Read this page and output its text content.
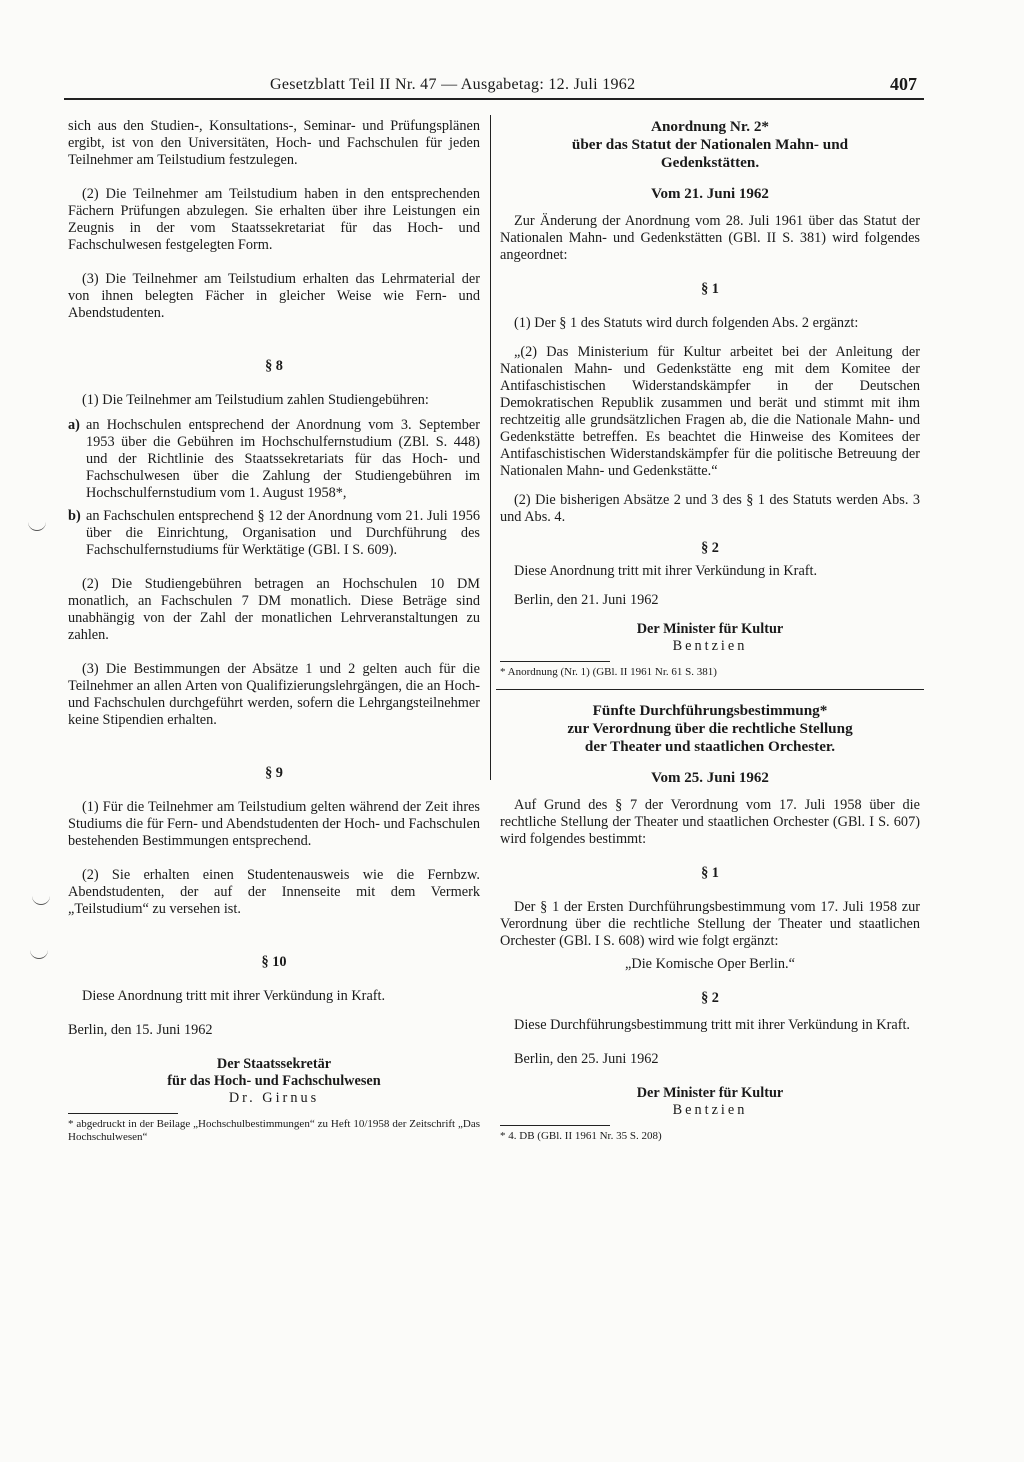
Gesetzblatt Teil II Nr. 47 — Ausgabetag: 12. Juli 1962	407

sich aus den Studien-, Konsultations-, Seminar- und Prüfungsplänen ergibt, ist von den Universitäten, Hoch- und Fachschulen für jeden Teilnehmer am Teilstudium festzulegen.

(2) Die Teilnehmer am Teilstudium haben in den entsprechenden Fächern Prüfungen abzulegen. Sie erhalten über ihre Leistungen ein Zeugnis in der vom Staatssekretariat für das Hoch- und Fachschulwesen festgelegten Form.

(3) Die Teilnehmer am Teilstudium erhalten das Lehrmaterial der von ihnen belegten Fächer in gleicher Weise wie Fern- und Abendstudenten.

§ 8

(1) Die Teilnehmer am Teilstudium zahlen Studiengebühren:

a) an Hochschulen entsprechend der Anordnung vom 3. September 1953 über die Gebühren im Hochschulfernstudium (ZBl. S. 448) und der Richtlinie des Staatssekretariats für das Hoch- und Fachschulwesen über die Zahlung der Studiengebühren im Hochschulfernstudium vom 1. August 1958*,
b) an Fachschulen entsprechend § 12 der Anordnung vom 21. Juli 1956 über die Einrichtung, Organisation und Durchführung des Fachschulfernstudiums für Werktätige (GBl. I S. 609).

(2) Die Studiengebühren betragen an Hochschulen 10 DM monatlich, an Fachschulen 7 DM monatlich. Diese Beträge sind unabhängig von der Zahl der monatlichen Lehrveranstaltungen zu zahlen.

(3) Die Bestimmungen der Absätze 1 und 2 gelten auch für die Teilnehmer an allen Arten von Qualifizierungslehrgängen, die an Hoch- und Fachschulen durchgeführt werden, sofern die Lehrgangsteilnehmer keine Stipendien erhalten.

§ 9

(1) Für die Teilnehmer am Teilstudium gelten während der Zeit ihres Studiums die für Fern- und Abendstudenten der Hoch- und Fachschulen bestehenden Bestimmungen entsprechend.

(2) Sie erhalten einen Studentenausweis wie die Fernbzw. Abendstudenten, der auf der Innenseite mit dem Vermerk „Teilstudium“ zu versehen ist.

§ 10

Diese Anordnung tritt mit ihrer Verkündung in Kraft.

Berlin, den 15. Juni 1962

Der Staatssekretär
für das Hoch- und Fachschulwesen
Dr. Girnus

* abgedruckt in der Beilage „Hochschulbestimmungen“ zu Heft 10/1958 der Zeitschrift „Das Hochschulwesen“

Anordnung Nr. 2*
über das Statut der Nationalen Mahn- und
Gedenkstätten.
Vom 21. Juni 1962

Zur Änderung der Anordnung vom 28. Juli 1961 über das Statut der Nationalen Mahn- und Gedenkstätten (GBl. II S. 381) wird folgendes angeordnet:

§ 1

(1) Der § 1 des Statuts wird durch folgenden Abs. 2 ergänzt:

„(2) Das Ministerium für Kultur arbeitet bei der Anleitung der Nationalen Mahn- und Gedenkstätte eng mit dem Komitee der Antifaschistischen Widerstandskämpfer in der Deutschen Demokratischen Republik zusammen und berät und stimmt mit ihm rechtzeitig alle grundsätzlichen Fragen ab, die die Nationale Mahn- und Gedenkstätte betreffen. Es beachtet die Hinweise des Komitees der Antifaschistischen Widerstandskämpfer für die politische Betreuung der Nationalen Mahn- und Gedenkstätte.“

(2) Die bisherigen Absätze 2 und 3 des § 1 des Statuts werden Abs. 3 und Abs. 4.

§ 2

Diese Anordnung tritt mit ihrer Verkündung in Kraft.

Berlin, den 21. Juni 1962

Der Minister für Kultur
Bentzien

* Anordnung (Nr. 1) (GBl. II 1961 Nr. 61 S. 381)

Fünfte Durchführungsbestimmung*
zur Verordnung über die rechtliche Stellung
der Theater und staatlichen Orchester.
Vom 25. Juni 1962

Auf Grund des § 7 der Verordnung vom 17. Juli 1958 über die rechtliche Stellung der Theater und staatlichen Orchester (GBl. I S. 607) wird folgendes bestimmt:

§ 1

Der § 1 der Ersten Durchführungsbestimmung vom 17. Juli 1958 zur Verordnung über die rechtliche Stellung der Theater und staatlichen Orchester (GBl. I S. 608) wird wie folgt ergänzt:

„Die Komische Oper Berlin.“
§ 2

Diese Durchführungsbestimmung tritt mit ihrer Verkündung in Kraft.

Berlin, den 25. Juni 1962

Der Minister für Kultur
Bentzien

* 4. DB (GBl. II 1961 Nr. 35 S. 208)
